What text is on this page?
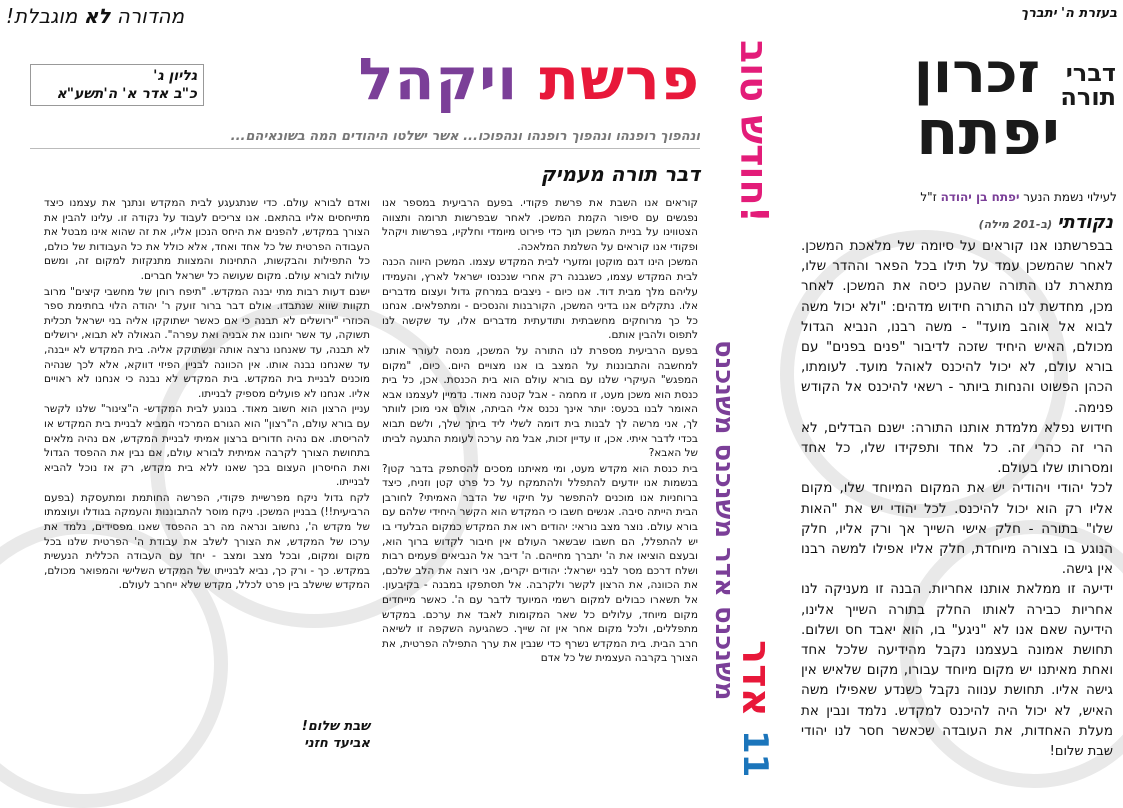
בעזרת ה' יתברך
מהדורה לא מוגבלת!
זכרון
יפתח
דברי
תורה
לעילוי נשמת הנער יפתח בן יהודה ז"ל
פרשת ויקהל
גליון ג'
כ"ב אדר א' ה'תשע"א
ונהפוך רופנהו ונהפוך רופנהו ונהפוכו... אשר ישלטו היהודים המה בשונאיהם... חודש טוב!
משנכנס אדר משנכנס משנכנס
אדר
11
דבר תורה מעמיק

קוראים אנו השבת את פרשת פקודי. בפעם הרביעית במספר אנו נפגשים עם סיפור הקמת המשכן. לאחר שבפרשות תרומה ותצווה הצטווינו על בניית המשכן תוך כדי פירוט מיומדי וחלקיו, בפרשות ויקהל ופקודי אנו קוראים על השלמת המלאכה.

המשכן הינו דגם מוקטן ומזערי לבית המקדש עצמו. המשכן היווה הכנה לבית המקדש עצמו, כשגבנה רק אחרי שנכנסו ישראל לארץ, והעמידו עליהם מלך מבית דוד. אנו כיום - ניצבים במרחק גדול ועצום מדברים אלו. נתקלים אנו בדיני המשכן, הקורבנות והנסכים - ומתפלאים. אנחנו כל כך מרוחקים מחשבתית ותודעתית מדברים אלו, עד שקשה לנו לתפוס ולהבין אותם.

בפעם הרביעית מספרת לנו התורה על המשכן, מנסה לעורר אותנו למחשבה והתבוננות על המצב בו אנו מצויים היום. כיום, "מקום המפגש" העיקרי שלנו עם בורא עולם הוא בית הכנסת. אכן, כל בית כנסת הוא משכן מעט, זו מחמה - אבל קטנה מאוד. נדמיין לעצמנו אבא האומר לבנו בכעס: יותר אינך נכנס אלי הביתה, אולם אני מוכן לוותר לך, אני מרשה לך לבנות בית דומה לשלי ליד ביתך שלך, ולשם תבוא בכדי לדבר איתי. אכן, זו עדיין זכות, אבל מה ערכה לעומת התגעה לביתו של האבא?

בית כנסת הוא מקדש מעט, ומי מאיתנו מסכים להסתפק בדבר קטן? בנשמות אנו יודעים להתפלל ולהתמקח על כל פרט קטן וזניח, כיצד ברוחניות אנו מוכנים להתפשר על חיקוי של הדבר האמיתי? לחורבן הבית הייתה סיבה. אנשים חשבו כי המקדש הוא הקשר היחידי שלהם עם בורא עולם. נוצר מצב נוראי: יהודים ראו את המקדש כמקום הבלעדי בו יש להתפלל, הם חשבו שבשאר העולם אין חיבור לקדוש ברוך הוא, ובעצם הוציאו את ה' יתברך מחייהם. ה' דיבר אל הנביאים פעמים רבות ושלח דרכם מסר לבני ישראל: יהודים יקרים, אני רוצה את הלב שלכם, את הכוונה, את הרצון לקשר ולקרבה. אל תסתפקו במבנה - בקיבעון. אל תשארו כבולים למקום רשמי המיועד לדבר עם ה'. כאשר מייחדים מקום מיוחד, עלולים כל שאר המקומות לאבד את ערכם. במקדש מתפללים, ולכל מקום אחר אין זה שייך. כשהגיעה השקפה זו לשיאה חרב הבית. בית המקדש נשרף כדי שנבין את ערך התפילה הפרטית, את הצורך בקרבה העצמית של כל אדם

ואדם לבורא עולם. כדי שנתגעגע לבית המקדש ונתנך את עצמנו כיצד מתייחסים אליו בהתאם. אנו צריכים לעבוד על נקודה זו. עלינו להבין את הצורך במקדש, להפנים את היחס הנכון אליו, את זה שהוא אינו מבטל את העבודה הפרטית של כל אחד ואחד, אלא כולל את כל העבודות של כולם, כל התפילות והבקשות, התחינות והמצוות מתנקזות למקום זה, ומשם עולות לבורא עולם. מקום שעושה כל ישראל חברים.

ישנם דעות רבות מתי יבנה המקדש. "תיפח רוחן של מחשבי קיצים" מרוב תקוות שווא שנתבדו. אולם דבר ברור זועק ר' יהודה הלוי בחתימת ספר הכוזרי "ירושלים לא תבנה כי אם כאשר ישתוקקו אליה בני ישראל תכלית תשוקה, עד אשר יחוננו את אבניה ואת עפרה". הגאולה לא תבוא, ירושלים לא תבנה, עד שאנחנו נרצה אותה ונשתוקק אליה. בית המקדש לא ייבנה, עד שאנחנו נבנה אותו. אין הכוונה לבניין הפיזי דווקא, אלא לכך שנהיה מוכנים לבניית בית המקדש. בית המקדש לא נבנה כי אנחנו לא ראויים אליו. אנחנו לא פועלים מספיק לבנייתו.

עניין הרצון הוא חשוב מאוד. בנוגע לבית המקדש- ה"צינור" שלנו לקשר עם בורא עולם, ה"רצון" הוא הגורם המרכזי המביא לבניית בית המקדש או להריסתו. אם נהיה חדורים ברצון אמיתי לבניית המקדש, אם נהיה מלאים בתחושת הצורך לקרבה אמיתית לבורא עולם, אם נבין את ההפסד הגדול ואת החיסרון העצום בכך שאנו ללא בית מקדש, רק אז נוכל להביא לבנייתו.

לקח גדול ניקח מפרשיית פקודי, הפרשה החותמת ומתעסקת (בפעם הרביעית!!) בבניין המשכן. ניקח מוסר להתבוננות והעמקה בגודלו ועוצמתו של מקדש ה', נחשוב ונראה מה רב ההפסד שאנו מפסידים, נלמד את ערכו של המקדש, את הצורך לשלב את עבודת ה' הפרטית שלנו בכל מקום ומקום, ובכל מצב ומצב - יחד עם העבודה הכללית הנעשית במקדש. כך - ורק כך, נביא לבנייתו של המקדש השלישי והמפואר מכולם, המקדש שישלב בין פרט לכלל, מקדש שלא ייחרב לעולם.

שבת שלום!
אביעד חזני
נקודתי (ב-201 מילה)

בבפרשתנו אנו קוראים על סיומה של מלאכת המשכן. לאחר שהמשכן עמד על תילו בכל הפאר וההדר שלו, מתארת לנו התורה שהענן כיסה את המשכן. לאחר מכן, מחדשת לנו התורה חידוש מדהים: "ולא יכול משה לבוא אל אוהב מועד" - משה רבנו, הנביא הגדול מכולם, האיש היחיד שזכה לדיבור "פנים בפנים" עם בורא עולם, לא יכול להיכנס לאוהל מועד. לעומתו, הכהן הפשוט והנחות ביותר - רשאי להיכנס אל הקודש פנימה.

חידוש נפלא מלמדת אותנו התורה: ישנם הבדלים, לא הרי זה כהרי זה. כל אחד ותפקידו שלו, כל אחד ומסרותו שלו בעולם.

לכל יהודי ויהודיה יש את המקום המיוחד שלו, מקום אליו רק הוא יכול להיכנס. לכל יהודי יש את "האות שלו" בתורה - חלק אישי השייך אך ורק אליו, חלק הנוגע בו בצורה מיוחדת, חלק אליו אפילו למשה רבנו אין גישה.

ידיעה זו ממלאת אותנו אחריות. הבנה זו מעניקה לנו אחריות כבירה לאותו החלק בתורה השייך אלינו, הידיעה שאם אנו לא "ניגע" בו, הוא יאבד חס ושלום. תחושת אמונה בעצמנו נקבל מהידיעה שלכל אחד ואחת מאיתנו יש מקום מיוחד עבורו, מקום שלאיש אין גישה אליו. תחושת ענווה נקבל כשנדע שאפילו משה האיש, לא יכול היה להיכנס למקדש. נלמד ונבין את מעלת האחדות, את העובדה שכאשר חסר לנו יהודי

שבת שלום!
